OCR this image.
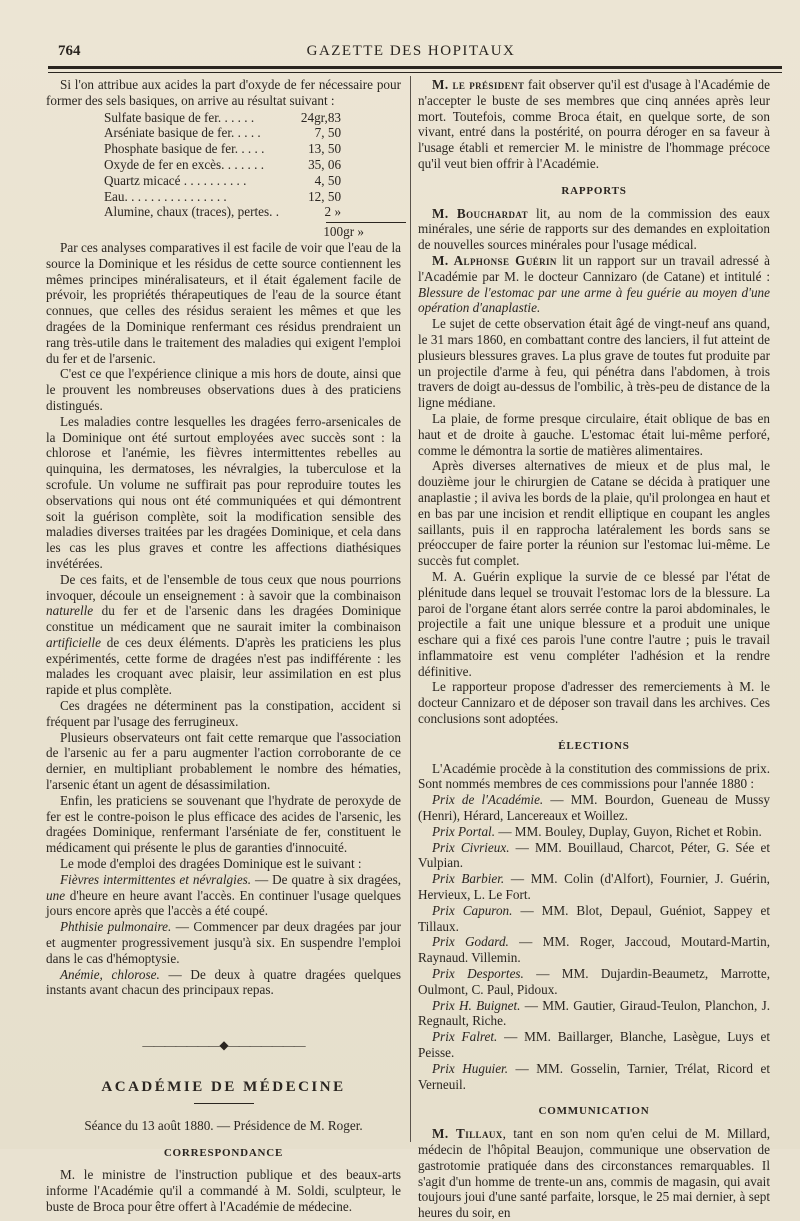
764	GAZETTE DES HOPITAUX

Si l'on attribue aux acides la part d'oxyde de fer nécessaire pour former des sels basiques, on arrive au résultat suivant :

Sulfate basique de fer. . . . . .	24gr,83
Arséniate basique de fer. . . . .	7, 50
Phosphate basique de fer. . . . .	13, 50
Oxyde de fer en excès. . . . . . .	35, 06
Quartz micacé . . . . . . . . . .	4, 50
Eau. . . . . . . . . . . . . . . .	12, 50
Alumine, chaux (traces), pertes. .	2 »
100gr »

Par ces analyses comparatives il est facile de voir que l'eau de la source la Dominique et les résidus de cette source contiennent les mêmes principes minéralisateurs, et il était également facile de prévoir, les propriétés thérapeutiques de l'eau de la source étant connues, que celles des résidus seraient les mêmes et que les dragées de la Dominique renfermant ces résidus prendraient un rang très-utile dans le traitement des maladies qui exigent l'emploi du fer et de l'arsenic.

C'est ce que l'expérience clinique a mis hors de doute, ainsi que le prouvent les nombreuses observations dues à des praticiens distingués.

Les maladies contre lesquelles les dragées ferro-arsenicales de la Dominique ont été surtout employées avec succès sont : la chlorose et l'anémie, les fièvres intermittentes rebelles au quinquina, les dermatoses, les névralgies, la tuberculose et la scrofule. Un volume ne suffirait pas pour reproduire toutes les observations qui nous ont été communiquées et qui démontrent soit la guérison complète, soit la modification sensible des maladies diverses traitées par les dragées Dominique, et cela dans les cas les plus graves et contre les affections diathésiques invétérées.

De ces faits, et de l'ensemble de tous ceux que nous pourrions invoquer, découle un enseignement : à savoir que la combinaison naturelle du fer et de l'arsenic dans les dragées Dominique constitue un médicament que ne saurait imiter la combinaison artificielle de ces deux éléments. D'après les praticiens les plus expérimentés, cette forme de dragées n'est pas indifférente : les malades les croquant avec plaisir, leur assimilation en est plus rapide et plus complète.

Ces dragées ne déterminent pas la constipation, accident si fréquent par l'usage des ferrugineux.

Plusieurs observateurs ont fait cette remarque que l'association de l'arsenic au fer a paru augmenter l'action corroborante de ce dernier, en multipliant probablement le nombre des hématies, l'arsenic étant un agent de désassimilation.

Enfin, les praticiens se souvenant que l'hydrate de peroxyde de fer est le contre-poison le plus efficace des acides de l'arsenic, les dragées Dominique, renfermant l'arséniate de fer, constituent le médicament qui présente le plus de garanties d'innocuité.

Le mode d'emploi des dragées Dominique est le suivant :

Fièvres intermittentes et névralgies. — De quatre à six dragées, une d'heure en heure avant l'accès. En continuer l'usage quelques jours encore après que l'accès a été coupé.

Phthisie pulmonaire. — Commencer par deux dragées par jour et augmenter progressivement jusqu'à six. En suspendre l'emploi dans le cas d'hémoptysie.

Anémie, chlorose. — De deux à quatre dragées quelques instants avant chacun des principaux repas.

———————◆———————
ACADÉMIE DE MÉDECINE

Séance du 13 août 1880. — Présidence de M. Roger.

CORRESPONDANCE

M. le ministre de l'instruction publique et des beaux-arts informe l'Académie qu'il a commandé à M. Soldi, sculpteur, le buste de Broca pour être offert à l'Académie de médecine.

M. le président fait observer qu'il est d'usage à l'Académie de n'accepter le buste de ses membres que cinq années après leur mort. Toutefois, comme Broca était, en quelque sorte, de son vivant, entré dans la postérité, on pourra déroger en sa faveur à l'usage établi et remercier M. le ministre de l'hommage précoce qu'il veut bien offrir à l'Académie.

RAPPORTS

M. Bouchardat lit, au nom de la commission des eaux minérales, une série de rapports sur des demandes en exploitation de nouvelles sources minérales pour l'usage médical.

M. Alphonse Guérin lit un rapport sur un travail adressé à l'Académie par M. le docteur Cannizaro (de Catane) et intitulé : Blessure de l'estomac par une arme à feu guérie au moyen d'une opération d'anaplastie.

Le sujet de cette observation était âgé de vingt-neuf ans quand, le 31 mars 1860, en combattant contre des lanciers, il fut atteint de plusieurs blessures graves. La plus grave de toutes fut produite par un projectile d'arme à feu, qui pénétra dans l'abdomen, à trois travers de doigt au-dessus de l'ombilic, à très-peu de distance de la ligne médiane.

La plaie, de forme presque circulaire, était oblique de bas en haut et de droite à gauche. L'estomac était lui-même perforé, comme le démontra la sortie de matières alimentaires.

Après diverses alternatives de mieux et de plus mal, le douzième jour le chirurgien de Catane se décida à pratiquer une anaplastie ; il aviva les bords de la plaie, qu'il prolongea en haut et en bas par une incision et rendit elliptique en coupant les angles saillants, puis il en rapprocha latéralement les bords sans se préoccuper de faire porter la réunion sur l'estomac lui-même. Le succès fut complet.

M. A. Guérin explique la survie de ce blessé par l'état de plénitude dans lequel se trouvait l'estomac lors de la blessure. La paroi de l'organe étant alors serrée contre la paroi abdominales, le projectile a fait une unique blessure et a produit une unique eschare qui a fixé ces parois l'une contre l'autre ; puis le travail inflammatoire est venu compléter l'adhésion et la rendre définitive.

Le rapporteur propose d'adresser des remerciements à M. le docteur Cannizaro et de déposer son travail dans les archives. Ces conclusions sont adoptées.

ÉLECTIONS

L'Académie procède à la constitution des commissions de prix. Sont nommés membres de ces commissions pour l'année 1880 :

Prix de l'Académie. — MM. Bourdon, Gueneau de Mussy (Henri), Hérard, Lancereaux et Woillez.

Prix Portal. — MM. Bouley, Duplay, Guyon, Richet et Robin.

Prix Civrieux. — MM. Bouillaud, Charcot, Péter, G. Sée et Vulpian.

Prix Barbier. — MM. Colin (d'Alfort), Fournier, J. Guérin, Hervieux, L. Le Fort.

Prix Capuron. — MM. Blot, Depaul, Guéniot, Sappey et Tillaux.

Prix Godard. — MM. Roger, Jaccoud, Moutard-Martin, Raynaud. Villemin.

Prix Desportes. — MM. Dujardin-Beaumetz, Marrotte, Oulmont, C. Paul, Pidoux.

Prix H. Buignet. — MM. Gautier, Giraud-Teulon, Planchon, J. Regnault, Riche.

Prix Falret. — MM. Baillarger, Blanche, Lasègue, Luys et Peisse.

Prix Huguier. — MM. Gosselin, Tarnier, Trélat, Ricord et Verneuil.

COMMUNICATION

M. Tillaux, tant en son nom qu'en celui de M. Millard, médecin de l'hôpital Beaujon, communique une observation de gastrotomie pratiquée dans des circonstances remarquables. Il s'agit d'un homme de trente-un ans, commis de magasin, qui avait toujours joui d'une santé parfaite, lorsque, le 25 mai dernier, à sept heures du soir, en
